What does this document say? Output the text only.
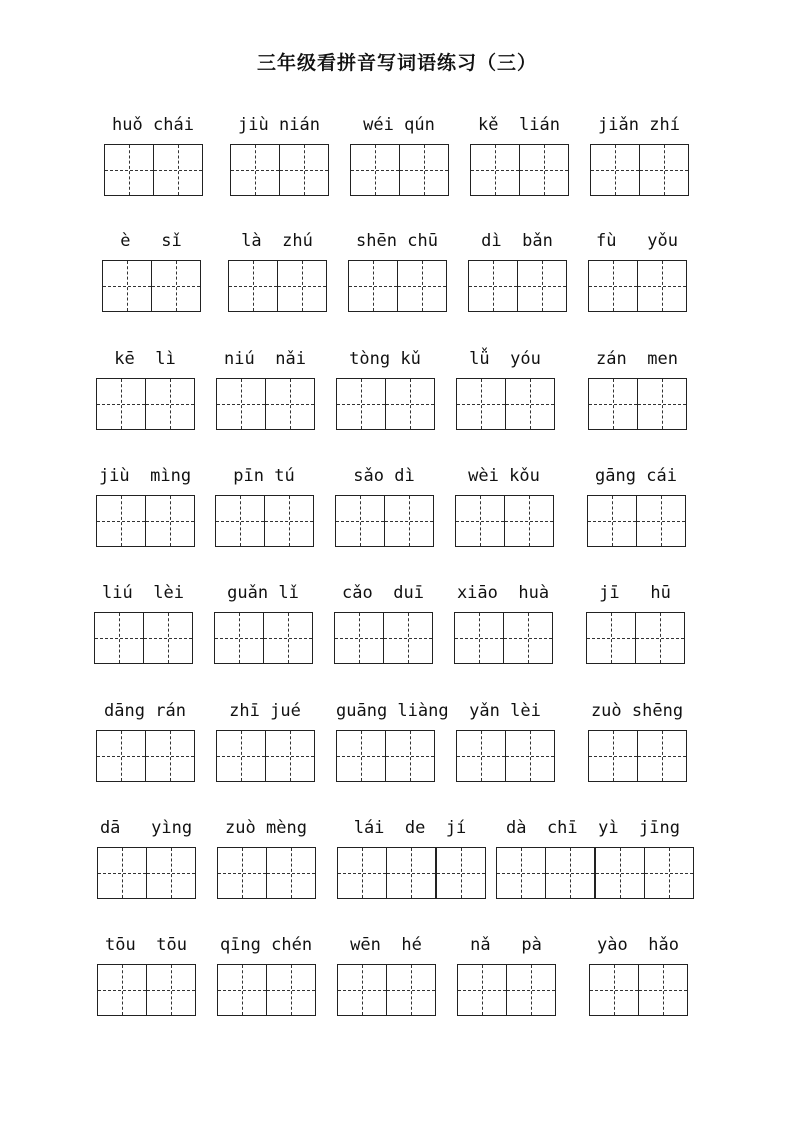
三年级看拼音写词语练习（三）
huǒ chái	jiù nián	wéi qún	kě  lián	jiǎn zhí
è   sǐ	là  zhú	shēn chū	dì  bǎn	fù   yǒu
kē  lì	niú  nǎi	tòng kǔ	lǚ  yóu	zán  men
jiù  mìng	pīn tú	sǎo dì	wèi kǒu	gāng cái
liú  lèi	guǎn lǐ	cǎo  duī	xiāo  huà	jī   hū
dāng rán	zhī jué	guāng liàng	yǎn lèi	zuò shēng
dā   yìng	zuò mèng	lái  de  jí	dà  chī  yì  jīng
tōu  tōu	qīng chén	wēn  hé	nǎ   pà	yào  hǎo
